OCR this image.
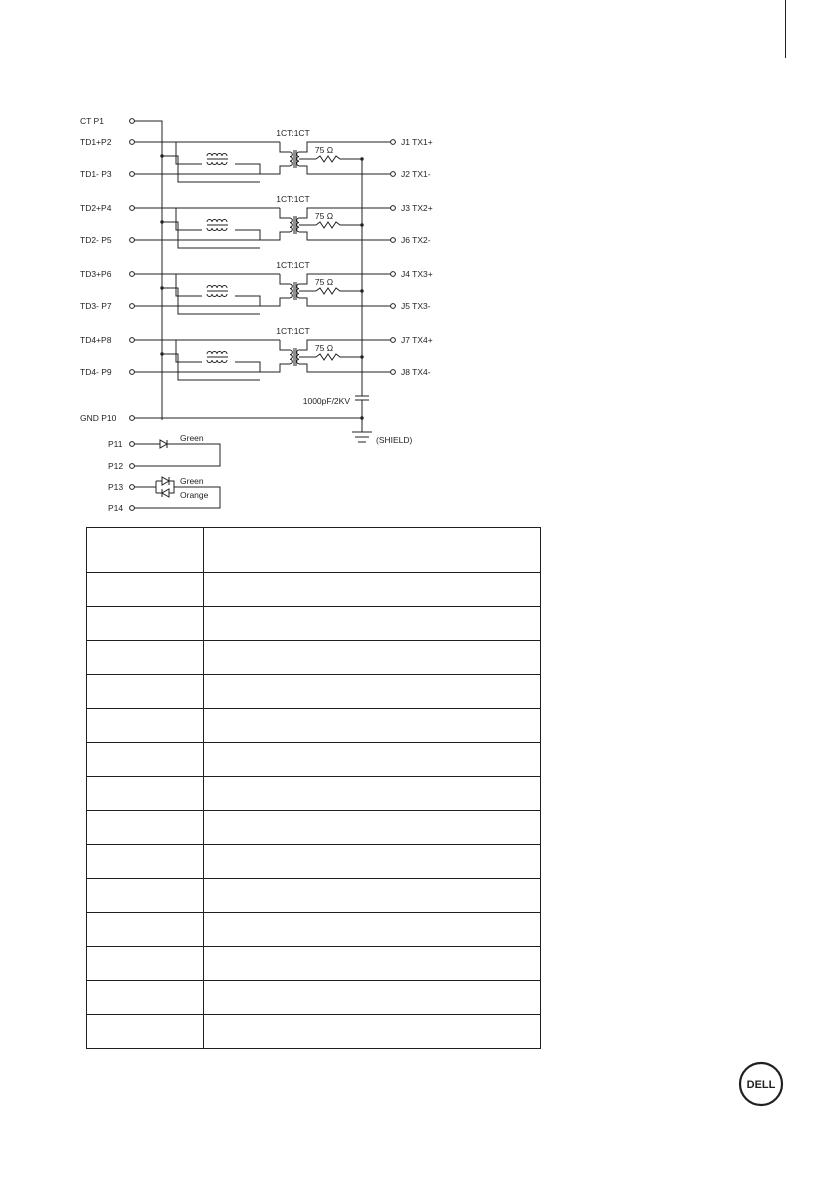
CT P1
TD1+P2
TD1- P3
1CT:1CT
75 Ω
J1 TX1+
J2 TX1-
TD2+P4
TD2- P5
1CT:1CT
75 Ω
J3 TX2+
J6 TX2-
TD3+P6
TD3- P7
1CT:1CT
75 Ω
J4 TX3+
J5 TX3-
TD4+P8
TD4- P9
1CT:1CT
75 Ω
J7 TX4+
J8 TX4-
1000pF/2KV
GND P10
(SHIELD)
P11
P12
Green
P13
P14
Green
Orange

DELL
